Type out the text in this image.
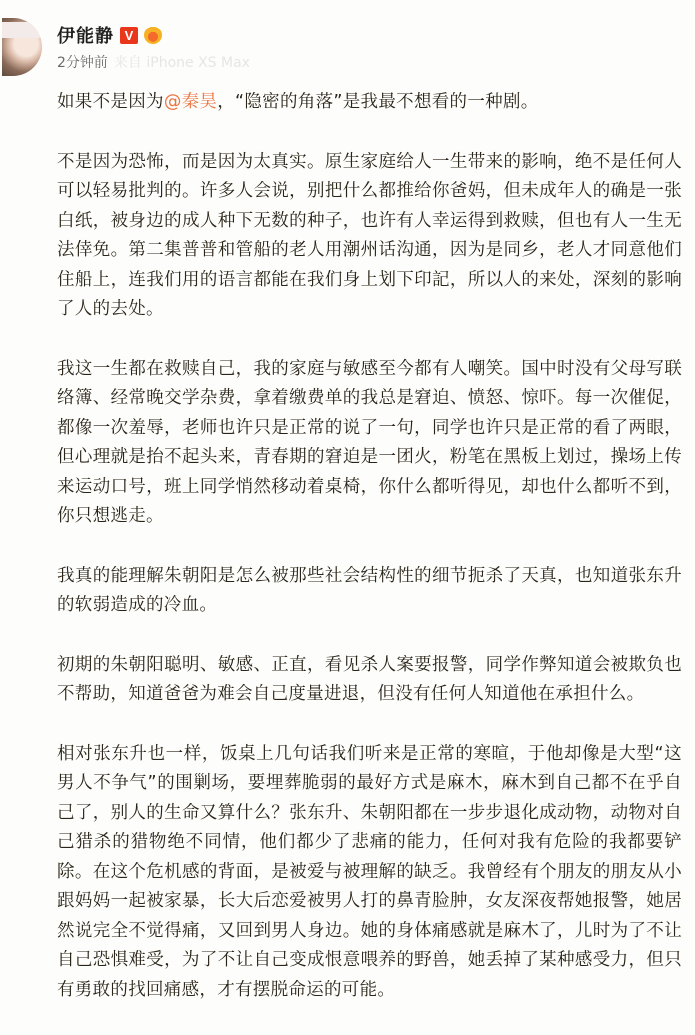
伊能静 V
2分钟前 来自 iPhone XS Max

如果不是因为@秦昊，“隐密的角落”是我最不想看的一种剧。

不是因为恐怖，而是因为太真实。原生家庭给人一生带来的影响，绝不是任何人可以轻易批判的。许多人会说，别把什么都推给你爸妈，但未成年人的确是一张白纸，被身边的成人种下无数的种子，也许有人幸运得到救赎，但也有人一生无法倖免。第二集普普和管船的老人用潮州话沟通，因为是同乡，老人才同意他们住船上，连我们用的语言都能在我们身上划下印記，所以人的来处，深刻的影响了人的去处。

我这一生都在救赎自己，我的家庭与敏感至今都有人嘲笑。国中时没有父母写联络簿、经常晚交学杂费，拿着缴费单的我总是窘迫、愤怒、惊吓。每一次催促，都像一次羞辱，老师也许只是正常的说了一句，同学也许只是正常的看了两眼，但心理就是抬不起头来，青春期的窘迫是一团火，粉笔在黑板上划过，操场上传来运动口号，班上同学悄然移动着桌椅，你什么都听得见，却也什么都听不到，你只想逃走。

我真的能理解朱朝阳是怎么被那些社会结构性的细节扼杀了天真，也知道张东升的软弱造成的冷血。

初期的朱朝阳聪明、敏感、正直，看见杀人案要报警，同学作弊知道会被欺负也不帮助，知道爸爸为难会自己度量进退，但没有任何人知道他在承担什么。

相对张东升也一样，饭桌上几句话我们听来是正常的寒暄，于他却像是大型“这男人不争气”的围剿场，要埋葬脆弱的最好方式是麻木，麻木到自己都不在乎自己了，别人的生命又算什么？张东升、朱朝阳都在一步步退化成动物，动物对自己猎杀的猎物绝不同情，他们都少了悲痛的能力，任何对我有危险的我都要铲除。在这个危机感的背面，是被爱与被理解的缺乏。我曾经有个朋友的朋友从小跟妈妈一起被家暴，长大后恋爱被男人打的鼻青脸肿，女友深夜帮她报警，她居然说完全不觉得痛，又回到男人身边。她的身体痛感就是麻木了，儿时为了不让自己恐惧难受，为了不让自己变成恨意喂养的野兽，她丢掉了某种感受力，但只有勇敢的找回痛感，才有摆脱命运的可能。
